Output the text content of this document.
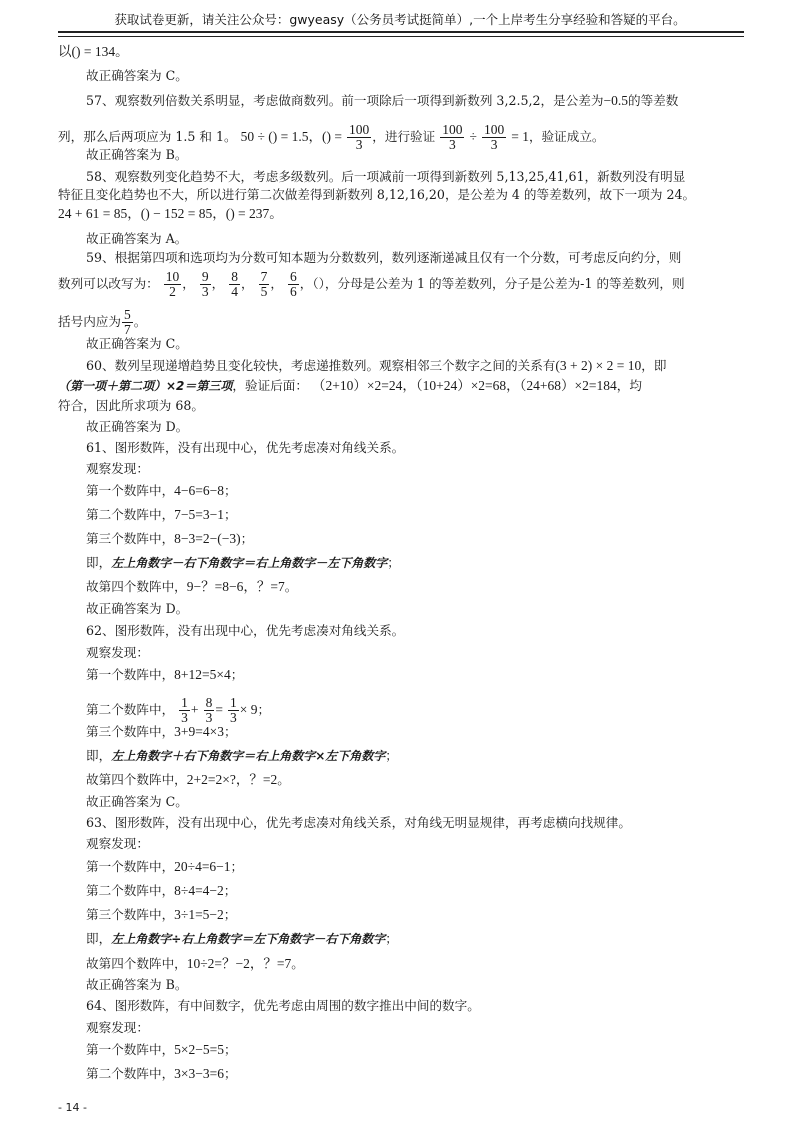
获取试卷更新，请关注公众号：gwyeasy（公务员考试挺简单）,一个上岸考生分享经验和答疑的平台。
以() = 134。
故正确答案为 C。
57、观察数列倍数关系明显，考虑做商数列。前一项除后一项得到新数列 3,2.5,2，是公差为−0.5的等差数
列，那么后两项应为 1.5 和 1。 50 ÷ () = 1.5，() = $\frac{100}{3}$ ，进行验证 $\frac{100}{3} \div \frac{100}{3} = 1$，验证成立。
故正确答案为 B。
58、观察数列变化趋势不大，考虑多级数列。后一项减前一项得到新数列 5,13,25,41,61，新数列没有明显
特征且变化趋势也不大，所以进行第二次做差得到新数列 8,12,16,20，是公差为 4 的等差数列，故下一项为 24。
24 + 61 = 85，() − 152 = 85，() = 237。
故正确答案为 A。
59、根据第四项和选项均为分数可知本题为分数数列，数列逐渐递减且仅有一个分数，可考虑反向约分，则
数列可以改写为： $\frac{10}{2}$ ， $\frac{9}{3}$ ， $\frac{8}{4}$ ， $\frac{7}{5}$ ， $\frac{6}{6}$ ，（），分母是公差为 1 的等差数列，分子是公差为-1 的等差数列，则
括号内应为 $\frac{5}{7}$ 。
故正确答案为 C。
60、数列呈现递增趋势且变化较快，考虑递推数列。观察相邻三个数字之间的关系有(3 + 2) × 2 = 10，即
（第一项＋第二项）×2＝第三项，验证后面： （2+10）×2=24，（10+24）×2=68，（24+68）×2=184，均
符合，因此所求项为 68。
故正确答案为 D。
61、图形数阵，没有出现中心，优先考虑凑对角线关系。
观察发现：
第一个数阵中，4−6=6−8；
第二个数阵中，7−5=3−1；
第三个数阵中，8−3=2−(−3)；
即，左上角数字－右下角数字＝右上角数字－左下角数字；
故第四个数阵中，9−？=8−6，？=7。
故正确答案为 D。
62、图形数阵，没有出现中心，优先考虑凑对角线关系。
观察发现：
第一个数阵中，8+12=5×4；
第二个数阵中， $\frac{1}{3} + \frac{8}{3} = \frac{1}{3} \times 9$；
第三个数阵中，3+9=4×3；
即，左上角数字＋右下角数字＝右上角数字×左下角数字；
故第四个数阵中，2+2=2×?，？=2。
故正确答案为 C。
63、图形数阵，没有出现中心，优先考虑凑对角线关系，对角线无明显规律，再考虑横向找规律。
观察发现：
第一个数阵中，20÷4=6−1；
第二个数阵中，8÷4=4−2；
第三个数阵中，3÷1=5−2；
即，左上角数字÷右上角数字＝左下角数字－右下角数字；
故第四个数阵中，10÷2=？−2，？=7。
故正确答案为 B。
64、图形数阵，有中间数字，优先考虑由周围的数字推出中间的数字。
观察发现：
第一个数阵中，5×2−5=5；
第二个数阵中，3×3−3=6；
- 14 -
